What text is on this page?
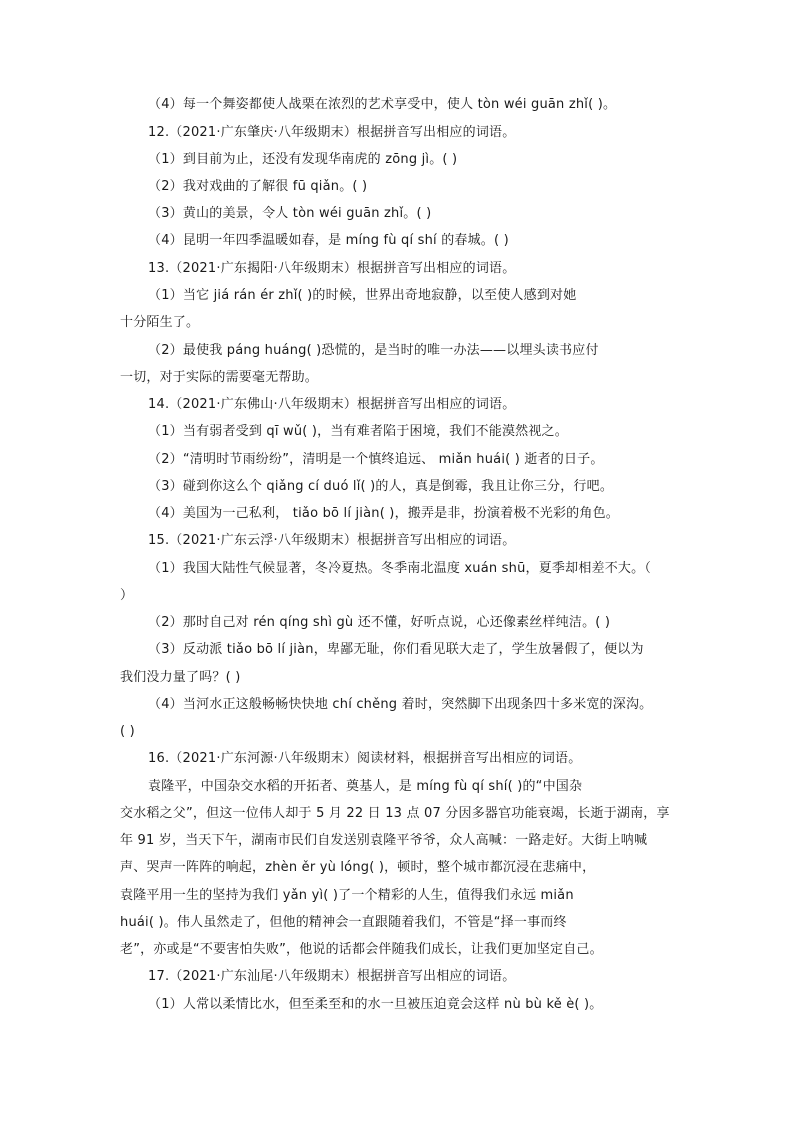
（4）每一个舞姿都使人战栗在浓烈的艺术享受中，使人 tòn wéi guān zhǐ( )。
12.（2021·广东肇庆·八年级期末）根据拼音写出相应的词语。
（1）到目前为止，还没有发现华南虎的 zōng jì。( )
（2）我对戏曲的了解很 fū qiǎn。( )
（3）黄山的美景，令人 tòn wéi guān zhǐ。( )
（4）昆明一年四季温暖如春，是 míng fù qí shí 的春城。( )
13.（2021·广东揭阳·八年级期末）根据拼音写出相应的词语。
（1）当它 jiá rán ér zhǐ( )的时候，世界出奇地寂静，以至使人感到对她
十分陌生了。
（2）最使我 páng huáng( )恐慌的，是当时的唯一办法——以埋头读书应付
一切，对于实际的需要毫无帮助。
14.（2021·广东佛山·八年级期末）根据拼音写出相应的词语。
（1）当有弱者受到 qī wǔ( )，当有难者陷于困境，我们不能漠然视之。
（2）“清明时节雨纷纷”，清明是一个慎终追远、 miǎn huái( ) 逝者的日子。
（3）碰到你这么个 qiǎng cí duó lǐ( )的人，真是倒霉，我且让你三分，行吧。
（4）美国为一己私利， tiǎo bō lí jiàn( )，搬弄是非，扮演着极不光彩的角色。
15.（2021·广东云浮·八年级期末）根据拼音写出相应的词语。
（1）我国大陆性气候显著，冬冷夏热。冬季南北温度 xuán shū，夏季却相差不大。（
）
（2）那时自己对 rén qíng shì gù 还不懂，好听点说，心还像素丝样纯洁。( )
（3）反动派 tiǎo bō lí jiàn，卑鄙无耻，你们看见联大走了，学生放暑假了，便以为
我们没力量了吗？( )
（4）当河水正这般畅畅快快地 chí chěng 着时，突然脚下出现条四十多米宽的深沟。
( )
16.（2021·广东河源·八年级期末）阅读材料，根据拼音写出相应的词语。
袁隆平，中国杂交水稻的开拓者、奠基人，是 míng fù qí shí( )的“中国杂
交水稻之父”，但这一位伟人却于 5 月 22 日 13 点 07 分因多器官功能衰竭，长逝于湖南，享
年 91 岁，当天下午，湖南市民们自发送别袁隆平爷爷，众人高喊：一路走好。大街上呐喊
声、哭声一阵阵的响起，zhèn ěr yù lóng( )，顿时，整个城市都沉浸在悲痛中，
袁隆平用一生的坚持为我们 yǎn yì( )了一个精彩的人生，值得我们永远 miǎn
huái( )。伟人虽然走了，但他的精神会一直跟随着我们，不管是“择一事而终
老”，亦或是“不要害怕失败”，他说的话都会伴随我们成长，让我们更加坚定自己。
17.（2021·广东汕尾·八年级期末）根据拼音写出相应的词语。
（1）人常以柔情比水，但至柔至和的水一旦被压迫竟会这样 nù bù kě è( )。
